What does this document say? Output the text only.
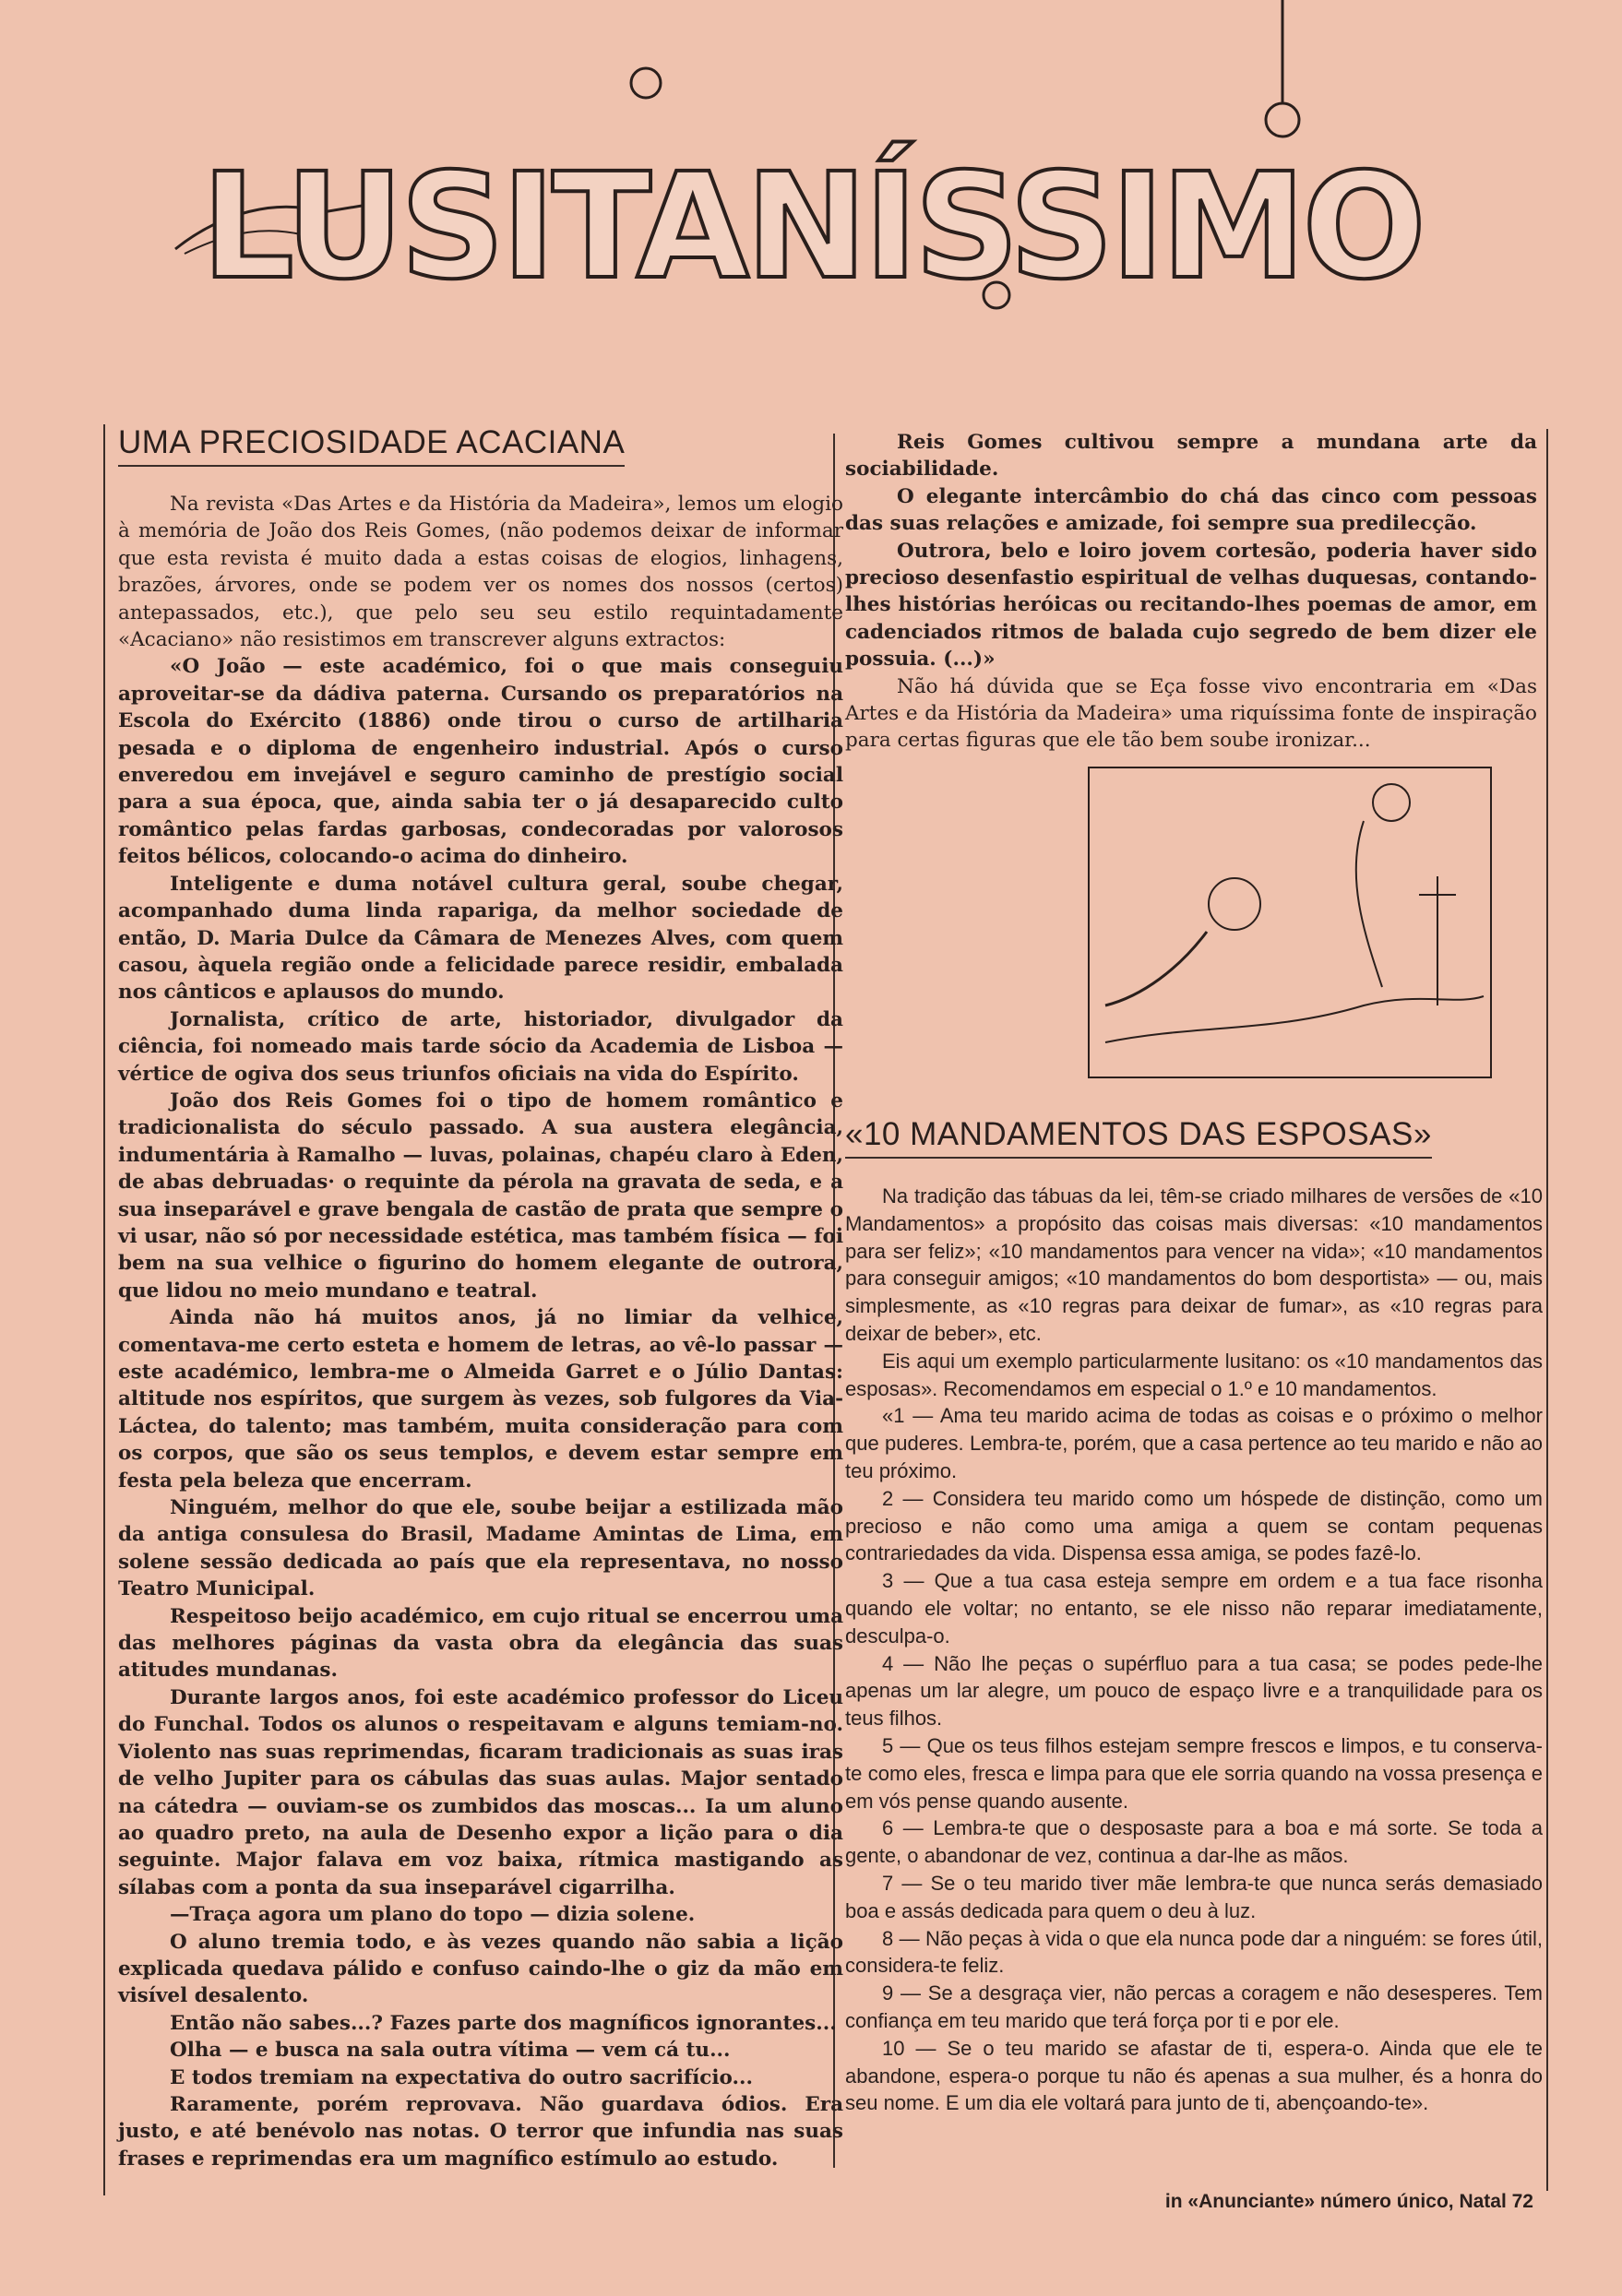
LUSITANÍSSIMO
UMA PRECIOSIDADE ACACIANA

Na revista «Das Artes e da História da Madeira», lemos um elogio à memória de João dos Reis Gomes, (não podemos deixar de informar que esta revista é muito dada a estas coisas de elogios, linhagens, brazões, árvores, onde se podem ver os nomes dos nossos (certos) antepassados, etc.), que pelo seu seu estilo requintadamente «Acaciano» não resistimos em transcrever alguns extractos:

«O João — este académico, foi o que mais conseguiu aproveitar-se da dádiva paterna. Cursando os preparatórios na Escola do Exército (1886) onde tirou o curso de artilharia pesada e o diploma de engenheiro industrial. Após o curso enveredou em invejável e seguro caminho de prestígio social para a sua época, que, ainda sabia ter o já desaparecido culto romântico pelas fardas garbosas, condecoradas por valorosos feitos bélicos, colocando-o acima do dinheiro.

Inteligente e duma notável cultura geral, soube chegar, acompanhado duma linda rapariga, da melhor sociedade de então, D. Maria Dulce da Câmara de Menezes Alves, com quem casou, àquela região onde a felicidade parece residir, embalada nos cânticos e aplausos do mundo.

Jornalista, crítico de arte, historiador, divulgador da ciência, foi nomeado mais tarde sócio da Academia de Lisboa — vértice de ogiva dos seus triunfos oficiais na vida do Espírito.

João dos Reis Gomes foi o tipo de homem romântico e tradicionalista do século passado. A sua austera elegância, indumentária à Ramalho — luvas, polainas, chapéu claro à Eden, de abas debruadas· o requinte da pérola na gravata de seda, e a sua inseparável e grave bengala de castão de prata que sempre o vi usar, não só por necessidade estética, mas também física — foi bem na sua velhice o figurino do homem elegante de outrora, que lidou no meio mundano e teatral.

Ainda não há muitos anos, já no limiar da velhice, comentava-me certo esteta e homem de letras, ao vê-lo passar — este académico, lembra-me o Almeida Garret e o Júlio Dantas: altitude nos espíritos, que surgem às vezes, sob fulgores da Via-Láctea, do talento; mas também, muita consideração para com os corpos, que são os seus templos, e devem estar sempre em festa pela beleza que encerram.

Ninguém, melhor do que ele, soube beijar a estilizada mão da antiga consulesa do Brasil, Madame Amintas de Lima, em solene sessão dedicada ao país que ela representava, no nosso Teatro Municipal.

Respeitoso beijo académico, em cujo ritual se encerrou uma das melhores páginas da vasta obra da elegância das suas atitudes mundanas.

Durante largos anos, foi este académico professor do Liceu do Funchal. Todos os alunos o respeitavam e alguns temiam-no. Violento nas suas reprimendas, ficaram tradicionais as suas iras de velho Jupiter para os cábulas das suas aulas. Major sentado na cátedra — ouviam-se os zumbidos das moscas... Ia um aluno ao quadro preto, na aula de Desenho expor a lição para o dia seguinte. Major falava em voz baixa, rítmica mastigando as sílabas com a ponta da sua inseparável cigarrilha.

—Traça agora um plano do topo — dizia solene.

O aluno tremia todo, e às vezes quando não sabia a lição explicada quedava pálido e confuso caindo-lhe o giz da mão em visível desalento.

Então não sabes...? Fazes parte dos magníficos ignorantes...

Olha — e busca na sala outra vítima — vem cá tu...

E todos tremiam na expectativa do outro sacrifício...

Raramente, porém reprovava. Não guardava ódios. Era justo, e até benévolo nas notas. O terror que infundia nas suas frases e reprimendas era um magnífico estímulo ao estudo.

Reis Gomes cultivou sempre a mundana arte da sociabilidade.

O elegante intercâmbio do chá das cinco com pessoas das suas relações e amizade, foi sempre sua predilecção.

Outrora, belo e loiro jovem cortesão, poderia haver sido precioso desenfastio espiritual de velhas duquesas, contando-lhes histórias heróicas ou recitando-lhes poemas de amor, em cadenciados ritmos de balada cujo segredo de bem dizer ele possuia. (...)»

Não há dúvida que se Eça fosse vivo encontraria em «Das Artes e da História da Madeira» uma riquíssima fonte de inspiração para certas figuras que ele tão bem soube ironizar...

«10 MANDAMENTOS DAS ESPOSAS»

Na tradição das tábuas da lei, têm-se criado milhares de versões de «10 Mandamentos» a propósito das coisas mais diversas: «10 mandamentos para ser feliz»; «10 mandamentos para vencer na vida»; «10 mandamentos para conseguir amigos; «10 mandamentos do bom desportista» — ou, mais simplesmente, as «10 regras para deixar de fumar», as «10 regras para deixar de beber», etc.

Eis aqui um exemplo particularmente lusitano: os «10 mandamentos das esposas». Recomendamos em especial o 1.º e 10 mandamentos.

«1 — Ama teu marido acima de todas as coisas e o próximo o melhor que puderes. Lembra-te, porém, que a casa pertence ao teu marido e não ao teu próximo.

2 — Considera teu marido como um hóspede de distinção, como um precioso e não como uma amiga a quem se contam pequenas contrariedades da vida. Dispensa essa amiga, se podes fazê-lo.

3 — Que a tua casa esteja sempre em ordem e a tua face risonha quando ele voltar; no entanto, se ele nisso não reparar imediatamente, desculpa-o.

4 — Não lhe peças o supérfluo para a tua casa; se podes pede-lhe apenas um lar alegre, um pouco de espaço livre e a tranquilidade para os teus filhos.

5 — Que os teus filhos estejam sempre frescos e limpos, e tu conserva-te como eles, fresca e limpa para que ele sorria quando na vossa presença e em vós pense quando ausente.

6 — Lembra-te que o desposaste para a boa e má sorte. Se toda a gente, o abandonar de vez, continua a dar-lhe as mãos.

7 — Se o teu marido tiver mãe lembra-te que nunca serás demasiado boa e assás dedicada para quem o deu à luz.

8 — Não peças à vida o que ela nunca pode dar a ninguém: se fores útil, considera-te feliz.

9 — Se a desgraça vier, não percas a coragem e não desesperes. Tem confiança em teu marido que terá força por ti e por ele.

10 — Se o teu marido se afastar de ti, espera-o. Ainda que ele te abandone, espera-o porque tu não és apenas a sua mulher, és a honra do seu nome. E um dia ele voltará para junto de ti, abençoando-te».

in «Anunciante» número único, Natal 72
